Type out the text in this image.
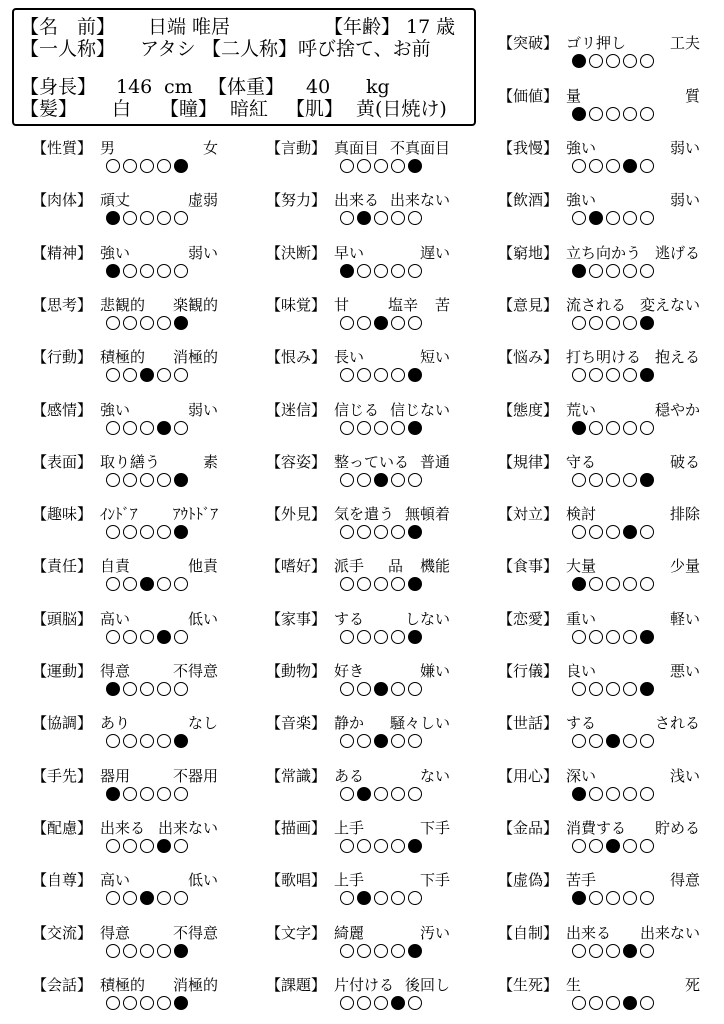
【名　前】 日端 唯居	【年齢】 17 歳
【一人称】 アタシ 【二人称】 呼び捨て、お前
【身長】 146 cm 【体重】 40 kg
【髪】 白 【瞳】 暗紅 【肌】 黄(日焼け)
【突破】 ゴリ押し	工夫
【価値】 量	質
【性質】 男	女
【肉体】 頑丈	虚弱
【精神】 強い	弱い
【思考】 悲観的 楽観的
【行動】 積極的 消極的
【感情】 強い	弱い
【表面】 取り繕う	素
【趣味】 ｲﾝﾄﾞｱ ｱｳﾄﾄﾞｱ
【責任】 自責	他責
【頭脳】 高い	低い
【運動】 得意	不得意
【協調】 あり	なし
【手先】 器用	不器用
【配慮】 出来る 出来ない
【自尊】 高い	低い
【交流】 得意	不得意
【会話】 積極的 消極的
【言動】 真面目 不真面目
【努力】 出来る 出来ない
【決断】 早い	遅い
【味覚】 甘	塩辛 苦
【恨み】 長い	短い
【迷信】 信じる 信じない
【容姿】 整っている 普通
【外見】 気を遣う 無頓着
【嗜好】 派手 品 機能
【家事】 する	しない
【動物】 好き	嫌い
【音楽】 静か 騒々しい
【常識】 ある	ない
【描画】 上手	下手
【歌唱】 上手	下手
【文字】 綺麗	汚い
【課題】 片付ける 後回し
【我慢】 強い	弱い
【飲酒】 強い	弱い
【窮地】 立ち向かう 逃げる
【意見】 流される 変えない
【悩み】 打ち明ける 抱える
【態度】 荒い	穏やか
【規律】 守る	破る
【対立】 検討	排除
【食事】 大量	少量
【恋愛】 重い	軽い
【行儀】 良い	悪い
【世話】 する	される
【用心】 深い	浅い
【金品】 消費する 貯める
【虚偽】 苦手	得意
【自制】 出来る 出来ない
【生死】 生	死
